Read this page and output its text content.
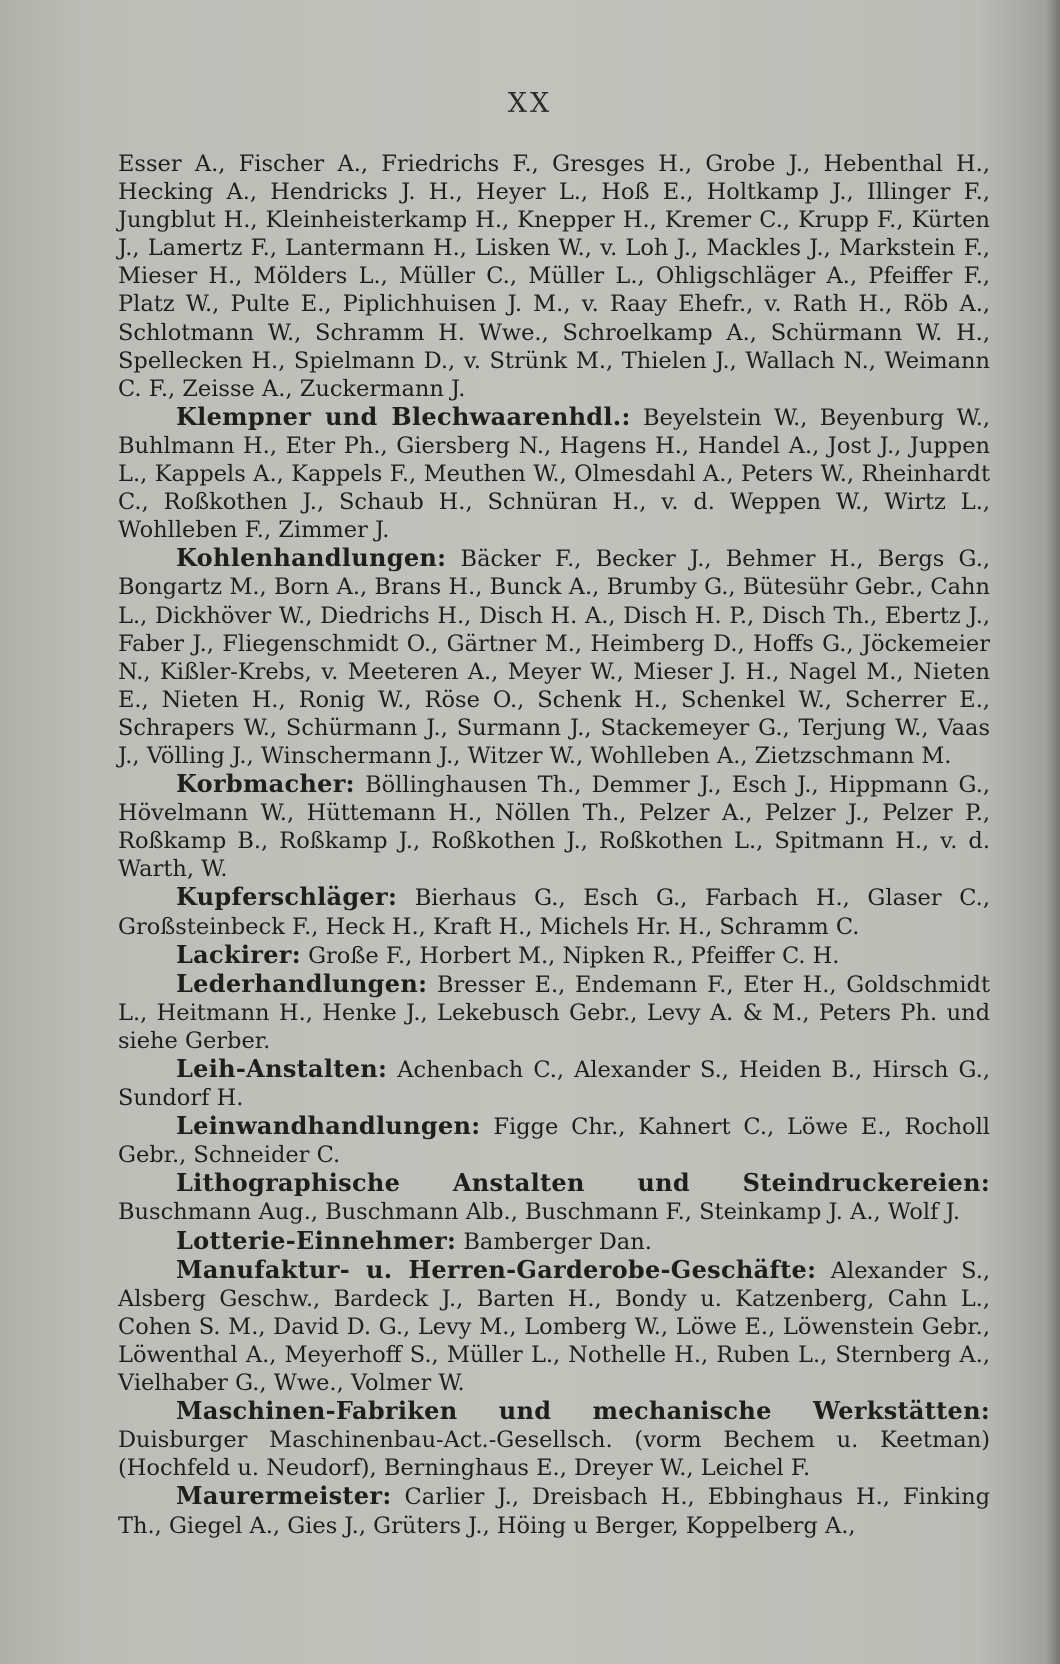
XX

Esser A., Fischer A., Friedrichs F., Gresges H., Grobe J., Hebenthal H., Hecking A., Hendricks J. H., Heyer L., Hoß E., Holtkamp J., Illinger F., Jungblut H., Kleinheisterkamp H., Knepper H., Kremer C., Krupp F., Kürten J., Lamertz F., Lantermann H., Lisken W., v. Loh J., Mackles J., Markstein F., Mieser H., Mölders L., Müller C., Müller L., Ohligschläger A., Pfeiffer F., Platz W., Pulte E., Piplichhuisen J. M., v. Raay Ehefr., v. Rath H., Röb A., Schlotmann W., Schramm H. Wwe., Schroelkamp A., Schürmann W. H., Spellecken H., Spielmann D., v. Strünk M., Thielen J., Wallach N., Weimann C. F., Zeisse A., Zuckermann J.

Klempner und Blechwaarenhdl.: Beyelstein W., Beyenburg W., Buhlmann H., Eter Ph., Giersberg N., Hagens H., Handel A., Jost J., Juppen L., Kappels A., Kappels F., Meuthen W., Olmesdahl A., Peters W., Rheinhardt C., Roßkothen J., Schaub H., Schnüran H., v. d. Weppen W., Wirtz L., Wohlleben F., Zimmer J.

Kohlenhandlungen: Bäcker F., Becker J., Behmer H., Bergs G., Bongartz M., Born A., Brans H., Bunck A., Brumby G., Bütesühr Gebr., Cahn L., Dickhöver W., Diedrichs H., Disch H. A., Disch H. P., Disch Th., Ebertz J., Faber J., Fliegenschmidt O., Gärtner M., Heimberg D., Hoffs G., Jöckemeier N., Kißler-Krebs, v. Meeteren A., Meyer W., Mieser J. H., Nagel M., Nieten E., Nieten H., Ronig W., Röse O., Schenk H., Schenkel W., Scherrer E., Schrapers W., Schürmann J., Surmann J., Stackemeyer G., Terjung W., Vaas J., Völling J., Winschermann J., Witzer W., Wohlleben A., Zietzschmann M.

Korbmacher: Böllinghausen Th., Demmer J., Esch J., Hippmann G., Hövelmann W., Hüttemann H., Nöllen Th., Pelzer A., Pelzer J., Pelzer P., Roßkamp B., Roßkamp J., Roßkothen J., Roßkothen L., Spitmann H., v. d. Warth, W.

Kupferschläger: Bierhaus G., Esch G., Farbach H., Glaser C., Großsteinbeck F., Heck H., Kraft H., Michels Hr. H., Schramm C.

Lackirer: Große F., Horbert M., Nipken R., Pfeiffer C. H.

Lederhandlungen: Bresser E., Endemann F., Eter H., Goldschmidt L., Heitmann H., Henke J., Lekebusch Gebr., Levy A. & M., Peters Ph. und siehe Gerber.

Leih-Anstalten: Achenbach C., Alexander S., Heiden B., Hirsch G., Sundorf H.

Leinwandhandlungen: Figge Chr., Kahnert C., Löwe E., Rocholl Gebr., Schneider C.

Lithographische Anstalten und Steindruckereien: Buschmann Aug., Buschmann Alb., Buschmann F., Steinkamp J. A., Wolf J.

Lotterie-Einnehmer: Bamberger Dan.

Manufaktur- u. Herren-Garderobe-Geschäfte: Alexander S., Alsberg Geschw., Bardeck J., Barten H., Bondy u. Katzenberg, Cahn L., Cohen S. M., David D. G., Levy M., Lomberg W., Löwe E., Löwenstein Gebr., Löwenthal A., Meyerhoff S., Müller L., Nothelle H., Ruben L., Sternberg A., Vielhaber G., Wwe., Volmer W.

Maschinen-Fabriken und mechanische Werkstätten: Duisburger Maschinenbau-Act.-Gesellsch. (vorm Bechem u. Keetman) (Hochfeld u. Neudorf), Berninghaus E., Dreyer W., Leichel F.

Maurermeister: Carlier J., Dreisbach H., Ebbinghaus H., Finking Th., Giegel A., Gies J., Grüters J., Höing u Berger, Koppelberg A.,
